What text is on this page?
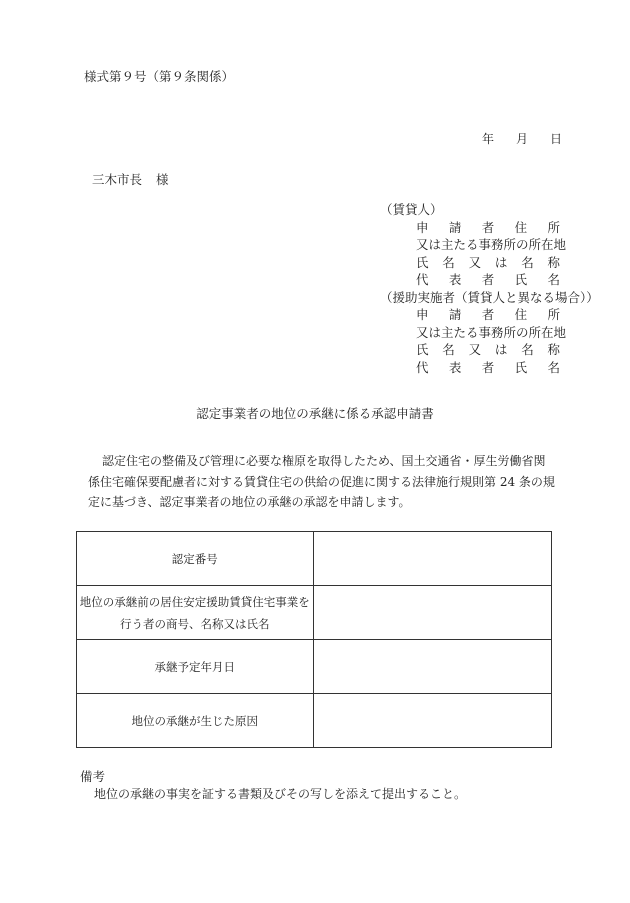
様式第９号（第９条関係）
年 月 日
三木市長 様
（賃貸人）
申 請 者 住 所
又は主たる事務所の所在地
氏 名 又 は 名 称
代 表 者 氏 名
（援助実施者（賃貸人と異なる場合））
申 請 者 住 所
又は主たる事務所の所在地
氏 名 又 は 名 称
代 表 者 氏 名
認定事業者の地位の承継に係る承認申請書
認定住宅の整備及び管理に必要な権原を取得したため、国土交通省・厚生労働省関係住宅確保要配慮者に対する賃貸住宅の供給の促進に関する法律施行規則第 24 条の規定に基づき、認定事業者の地位の承継の承認を申請します。
認定番号	
地位の承継前の居住安定援助賃貸住宅事業を
行う者の商号、名称又は氏名	
承継予定年月日	
地位の承継が生じた原因	
備考
地位の承継の事実を証する書類及びその写しを添えて提出すること。
